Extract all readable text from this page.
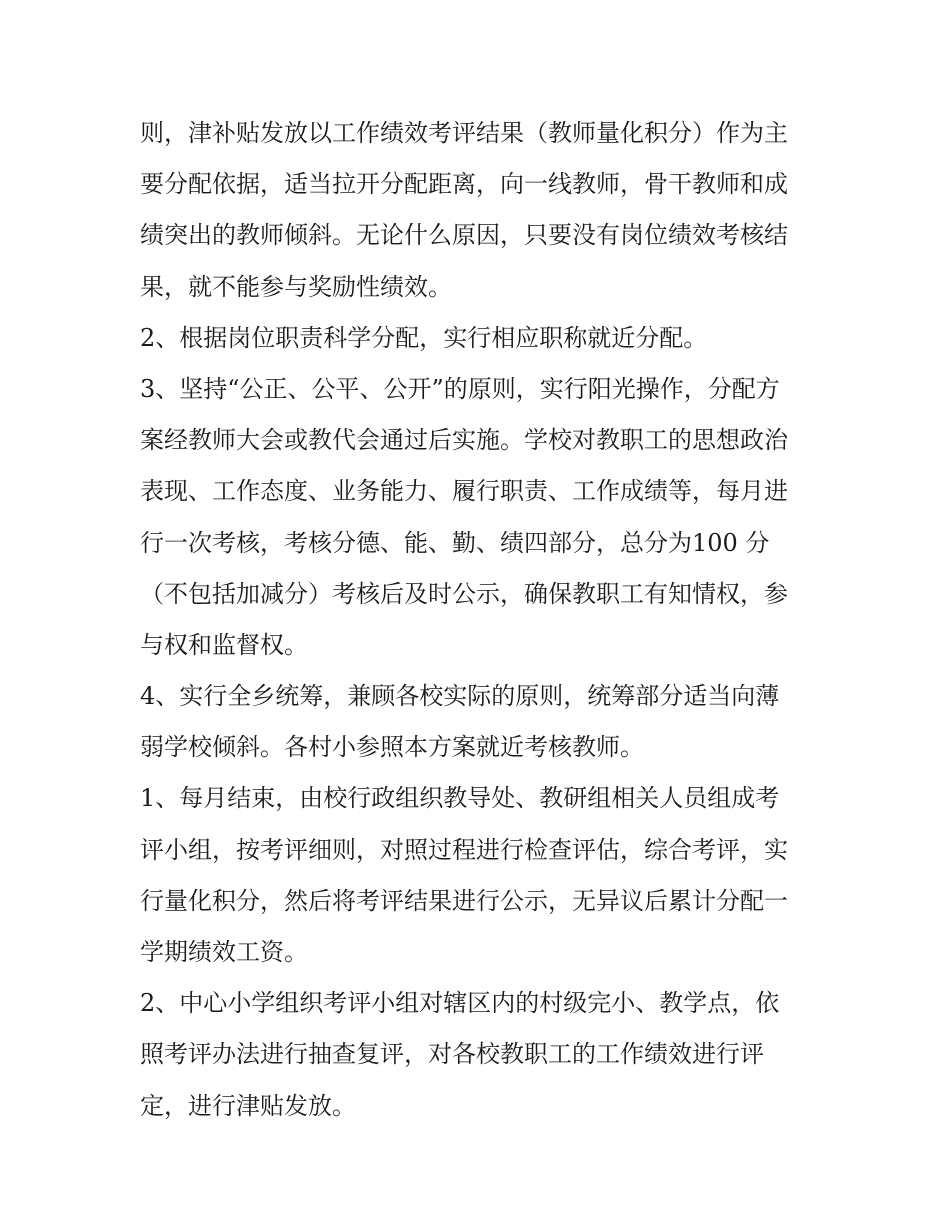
则，津补贴发放以工作绩效考评结果（教师量化积分）作为主
要分配依据，适当拉开分配距离，向一线教师，骨干教师和成
绩突出的教师倾斜。无论什么原因，只要没有岗位绩效考核结
果，就不能参与奖励性绩效。
2、根据岗位职责科学分配，实行相应职称就近分配。
3、坚持“公正、公平、公开”的原则，实行阳光操作，分配方
案经教师大会或教代会通过后实施。学校对教职工的思想政治
表现、工作态度、业务能力、履行职责、工作成绩等，每月进
行一次考核，考核分德、能、勤、绩四部分，总分为100 分
（不包括加减分）考核后及时公示，确保教职工有知情权，参
与权和监督权。
4、实行全乡统筹，兼顾各校实际的原则，统筹部分适当向薄
弱学校倾斜。各村小参照本方案就近考核教师。
1、每月结束，由校行政组织教导处、教研组相关人员组成考
评小组，按考评细则，对照过程进行检查评估，综合考评，实
行量化积分，然后将考评结果进行公示，无异议后累计分配一
学期绩效工资。
2、中心小学组织考评小组对辖区内的村级完小、教学点，依
照考评办法进行抽查复评，对各校教职工的工作绩效进行评
定，进行津贴发放。
